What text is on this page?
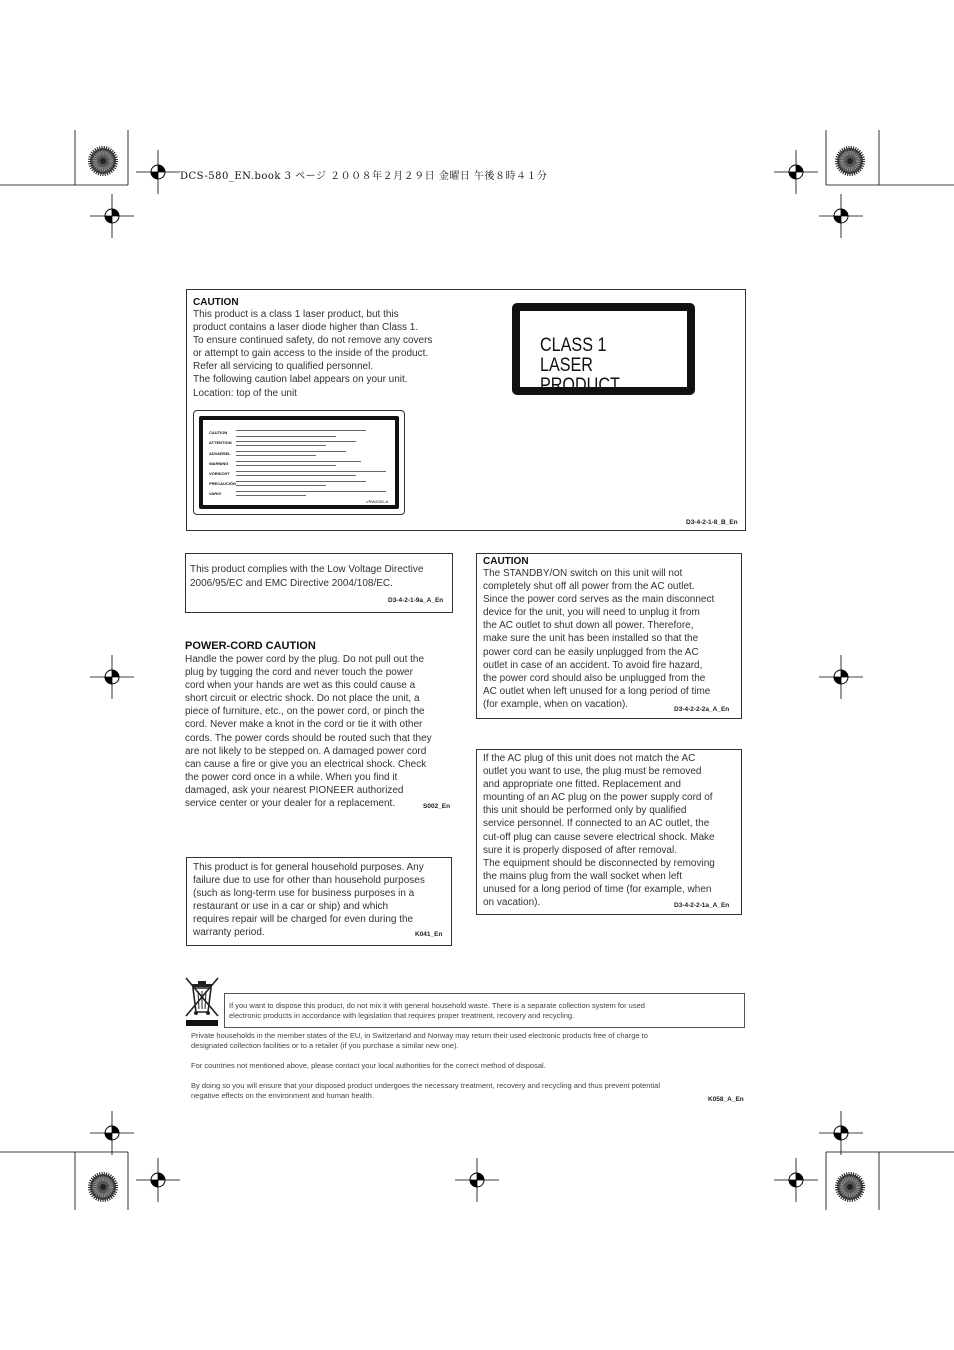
DCS-580_EN.book 3 ページ ２００８年２月２９日 金曜日 午後８時４１分
CAUTION
This product is a class 1 laser product, but this
product contains a laser diode higher than Class 1.
To ensure continued safety, do not remove any covers
or attempt to gain access to the inside of the product.
Refer all servicing to qualified personnel.
The following caution label appears on your unit.
Location: top of the unit
CLASS 1
LASER PRODUCT
CAUTION
ATTENTION
ADVARSEL
WARNING
VORSICHT
PRECAUCIÓN
VARO!
VRW2051-A
D3-4-2-1-8_B_En
This product complies with the Low Voltage Directive
2006/95/EC and EMC Directive 2004/108/EC.
D3-4-2-1-9a_A_En
POWER-CORD CAUTION
Handle the power cord by the plug. Do not pull out the
plug by tugging the cord and never touch the power
cord when your hands are wet as this could cause a
short circuit or electric shock. Do not place the unit, a
piece of furniture, etc., on the power cord, or pinch the
cord. Never make a knot in the cord or tie it with other
cords. The power cords should be routed such that they
are not likely to be stepped on. A damaged power cord
can cause a fire or give you an electrical shock. Check
the power cord once in a while. When you find it
damaged, ask your nearest PIONEER authorized
service center or your dealer for a replacement.	S002_En
This product is for general household purposes. Any
failure due to use for other than household purposes
(such as long-term use for business purposes in a
restaurant or use in a car or ship) and which
requires repair will be charged for even during the
warranty period.	K041_En
CAUTION
The STANDBY/ON switch on this unit will not
completely shut off all power from the AC outlet.
Since the power cord serves as the main disconnect
device for the unit, you will need to unplug it from
the AC outlet to shut down all power. Therefore,
make sure the unit has been installed so that the
power cord can be easily unplugged from the AC
outlet in case of an accident. To avoid fire hazard,
the power cord should also be unplugged from the
AC outlet when left unused for a long period of time
(for example, when on vacation).	D3-4-2-2-2a_A_En
If the AC plug of this unit does not match the AC
outlet you want to use, the plug must be removed
and appropriate one fitted. Replacement and
mounting of an AC plug on the power supply cord of
this unit should be performed only by qualified
service personnel. If connected to an AC outlet, the
cut-off plug can cause severe electrical shock. Make
sure it is properly disposed of after removal.
The equipment should be disconnected by removing
the mains plug from the wall socket when left
unused for a long period of time (for example, when
on vacation).	D3-4-2-2-1a_A_En
If you want to dispose this product, do not mix it with general household waste. There is a separate collection system for used
electronic products in accordance with legislation that requires proper treatment, recovery and recycling.
Private households in the member states of the EU, in Switzerland and Norway may return their used electronic products free of charge to
designated collection facilities or to a retailer (if you purchase a similar new one).
For countries not mentioned above, please contact your local authorities for the correct method of disposal.
By doing so you will ensure that your disposed product undergoes the necessary treatment, recovery and recycling and thus prevent potential
negative effects on the environment and human health.	K058_A_En
